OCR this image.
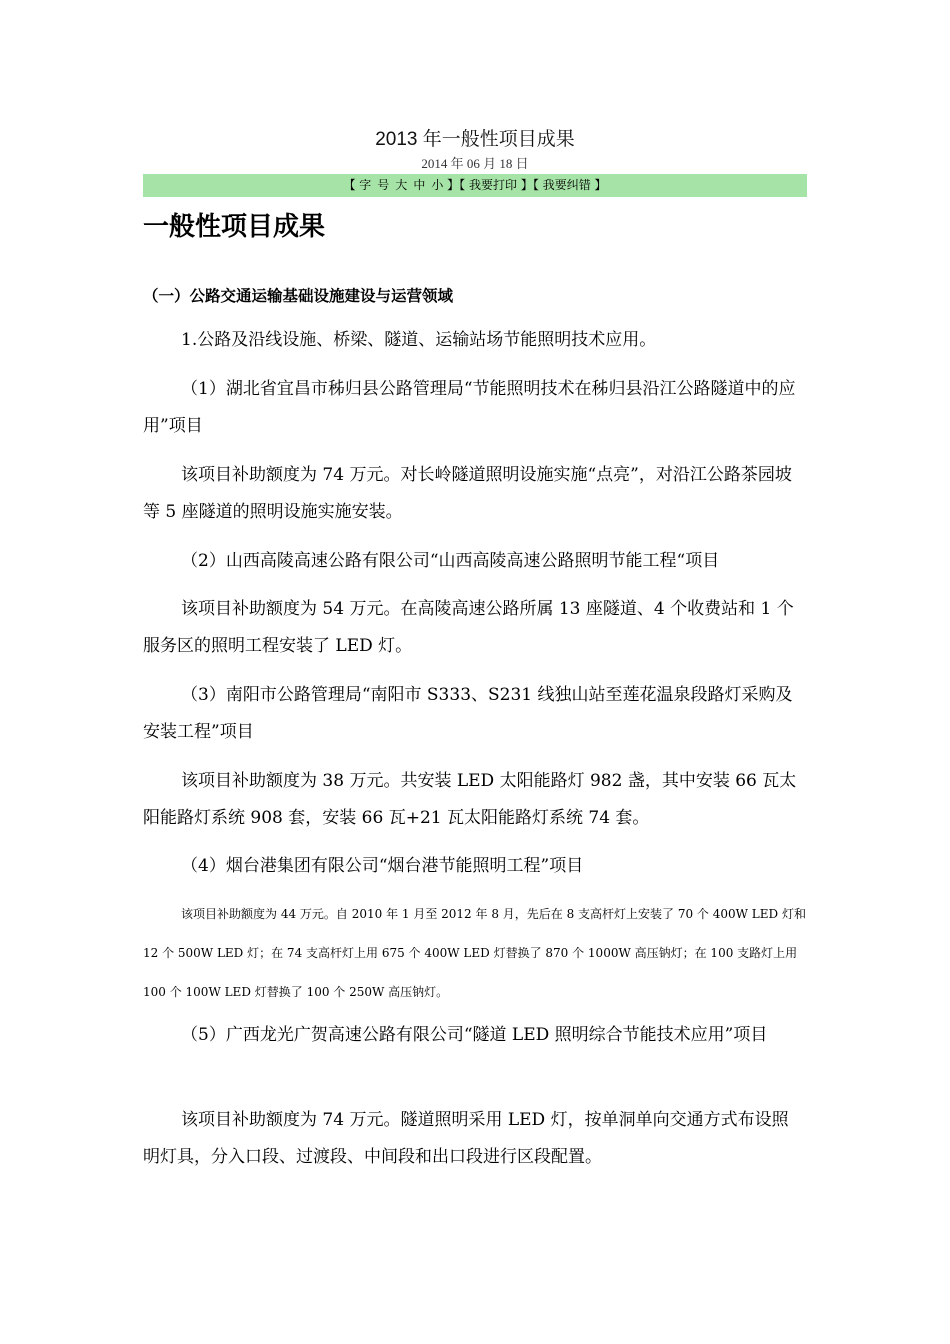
2013 年一般性项目成果
2014 年 06 月 18 日
【 字号大中小 】【 我要打印 】【 我要纠错 】
一般性项目成果
（一）公路交通运输基础设施建设与运营领域

1.公路及沿线设施、桥梁、隧道、运输站场节能照明技术应用。

（1）湖北省宜昌市秭归县公路管理局“节能照明技术在秭归县沿江公路隧道中的应用”项目

该项目补助额度为 74 万元。对长岭隧道照明设施实施“点亮”，对沿江公路茶园坡等 5 座隧道的照明设施实施安装。

（2）山西高陵高速公路有限公司“山西高陵高速公路照明节能工程“项目

该项目补助额度为 54 万元。在高陵高速公路所属 13 座隧道、4 个收费站和 1 个服务区的照明工程安装了 LED 灯。

（3）南阳市公路管理局“南阳市 S333、S231 线独山站至莲花温泉段路灯采购及安装工程”项目

该项目补助额度为 38 万元。共安装 LED 太阳能路灯 982 盏，其中安装 66 瓦太阳能路灯系统 908 套，安装 66 瓦+21 瓦太阳能路灯系统 74 套。

（4）烟台港集团有限公司“烟台港节能照明工程”项目

该项目补助额度为 44 万元。自 2010 年 1 月至 2012 年 8 月，先后在 8 支高杆灯上安装了 70 个 400W LED 灯和 12 个 500W LED 灯；在 74 支高杆灯上用 675 个 400W LED 灯替换了 870 个 1000W 高压钠灯；在 100 支路灯上用 100 个 100W LED 灯替换了 100 个 250W 高压钠灯。

（5）广西龙光广贺高速公路有限公司“隧道 LED 照明综合节能技术应用”项目

该项目补助额度为 74 万元。隧道照明采用 LED 灯，按单洞单向交通方式布设照明灯具，分入口段、过渡段、中间段和出口段进行区段配置。
